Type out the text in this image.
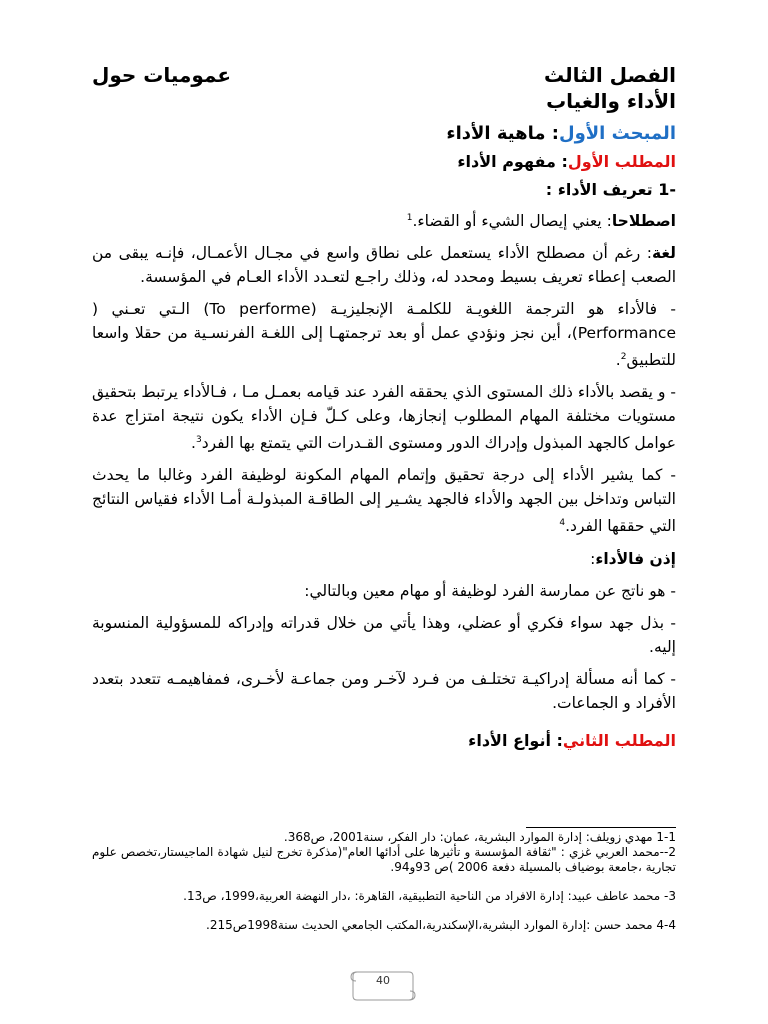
الفصل الثالث
الأداء والغياب
عموميات حول
المبحث الأول: ماهية الأداء
المطلب الأول: مفهوم الأداء
-1 تعريف الأداء :

اصطلاحا: يعني إيصال الشيء أو القضاء.$^1$

لغة: رغم أن مصطلح الأداء يستعمل على نطاق واسع في مجـال الأعمـال، فإنـه يبقى من الصعب إعطاء تعريف بسيط ومحدد له، وذلك راجـع لتعـدد الأداء العـام في المؤسسة.

- فالأداء هو الترجمة اللغويـة للكلمـة الإنجليزيـة (To performe) الـتي تعـني ( Performance)، أين نجز ونؤدي عمل أو بعد ترجمتهـا إلى اللغـة الفرنسـية من حقلا واسعا للتطبيق$^2$.

- و يقصد بالأداء ذلك المستوى الذي يحققه الفرد عند قيامه بعمـل مـا ، فـالأداء يرتبط بتحقيق مستويات مختلفة المهام المطلوب إنجازها، وعلى كـلّ فـإن الأداء يكون نتيجة امتزاج عدة عوامل كالجهد المبذول وإدراك الدور ومستوى القـدرات التي يتمتع بها الفرد$^3$.

- كما يشير الأداء إلى درجة تحقيق وإتمام المهام المكونة لوظيفة الفرد وغالبا ما يحدث التباس وتداخل بين الجهد والأداء فالجهد يشـير إلى الطاقـة المبذولـة أمـا الأداء فقياس النتائج التي حققها الفرد.$^4$

إذن فالأداء:

- هو ناتج عن ممارسة الفرد لوظيفة أو مهام معين وبالتالي:

- بذل جهد سواء فكري أو عضلي، وهذا يأتي من خلال قدراته وإدراكه للمسؤولية المنسوبة إليه.

- كما أنه مسألة إدراكيـة تختلـف من فـرد لآخـر ومن جماعـة لأخـرى، فمفاهيمـه تتعدد بتعدد الأفراد و الجماعات.

المطلب الثاني: أنواع الأداء
1-1 مهدي زويلف: إدارة الموارد البشرية، عمان: دار الفكر، سنة2001، ص368.
2--محمد العربي غزي : "ثقافة المؤسسة و تأثيرها على أدائها العام"(مذكرة تخرج لنيل شهادة الماجيستار،تخصص علوم تجارية ،جامعة بوضياف بالمسيلة دفعة 2006 )ص 93و94.
3- محمد عاطف عبيد: إدارة الافراد من الناحية التطبيقية، القاهرة: ،دار النهضة العربية،1999، ص13.
4-4 محمد حسن :إدارة الموارد البشرية،الإسكندرية،المكتب الجامعي الحديث سنة1998ص215.
40
